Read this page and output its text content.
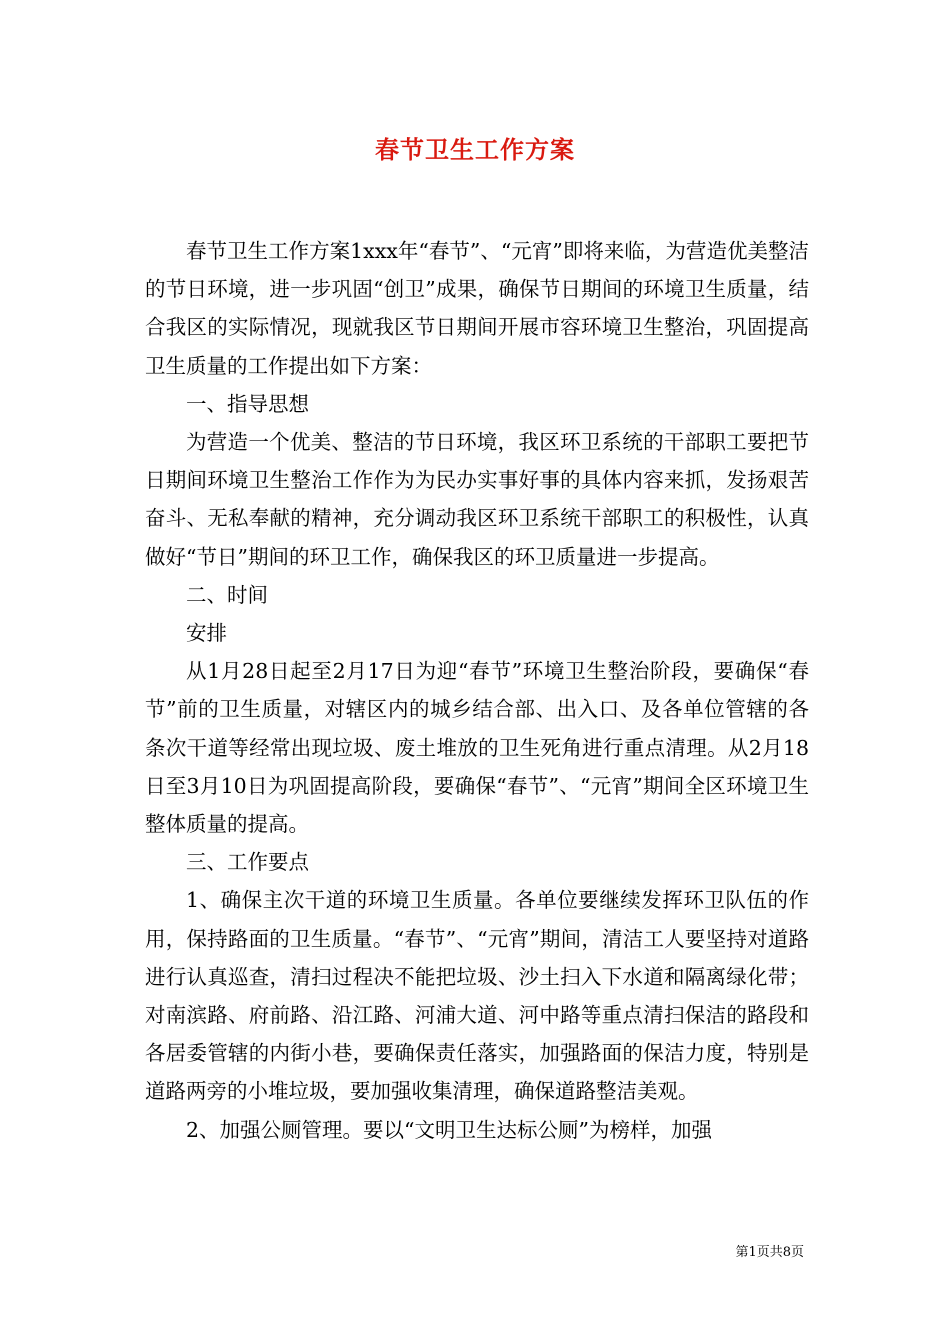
春节卫生工作方案

春节卫生工作方案1xxx年“春节”、“元宵”即将来临，为营造优美整洁的节日环境，进一步巩固“创卫”成果，确保节日期间的环境卫生质量，结合我区的实际情况，现就我区节日期间开展市容环境卫生整治，巩固提高卫生质量的工作提出如下方案：

一、指导思想

为营造一个优美、整洁的节日环境，我区环卫系统的干部职工要把节日期间环境卫生整治工作作为为民办实事好事的具体内容来抓，发扬艰苦奋斗、无私奉献的精神，充分调动我区环卫系统干部职工的积极性，认真做好“节日”期间的环卫工作，确保我区的环卫质量进一步提高。

二、时间

安排

从1月28日起至2月17日为迎“春节”环境卫生整治阶段，要确保“春节”前的卫生质量，对辖区内的城乡结合部、出入口、及各单位管辖的各条次干道等经常出现垃圾、废土堆放的卫生死角进行重点清理。从2月18日至3月10日为巩固提高阶段，要确保“春节”、“元宵”期间全区环境卫生整体质量的提高。

三、工作要点

1、确保主次干道的环境卫生质量。各单位要继续发挥环卫队伍的作用，保持路面的卫生质量。“春节”、“元宵”期间，清洁工人要坚持对道路进行认真巡查，清扫过程决不能把垃圾、沙土扫入下水道和隔离绿化带；对南滨路、府前路、沿江路、河浦大道、河中路等重点清扫保洁的路段和各居委管辖的内街小巷，要确保责任落实，加强路面的保洁力度，特别是道路两旁的小堆垃圾，要加强收集清理，确保道路整洁美观。

2、加强公厕管理。要以“文明卫生达标公厕”为榜样，加强

第1页共8页
